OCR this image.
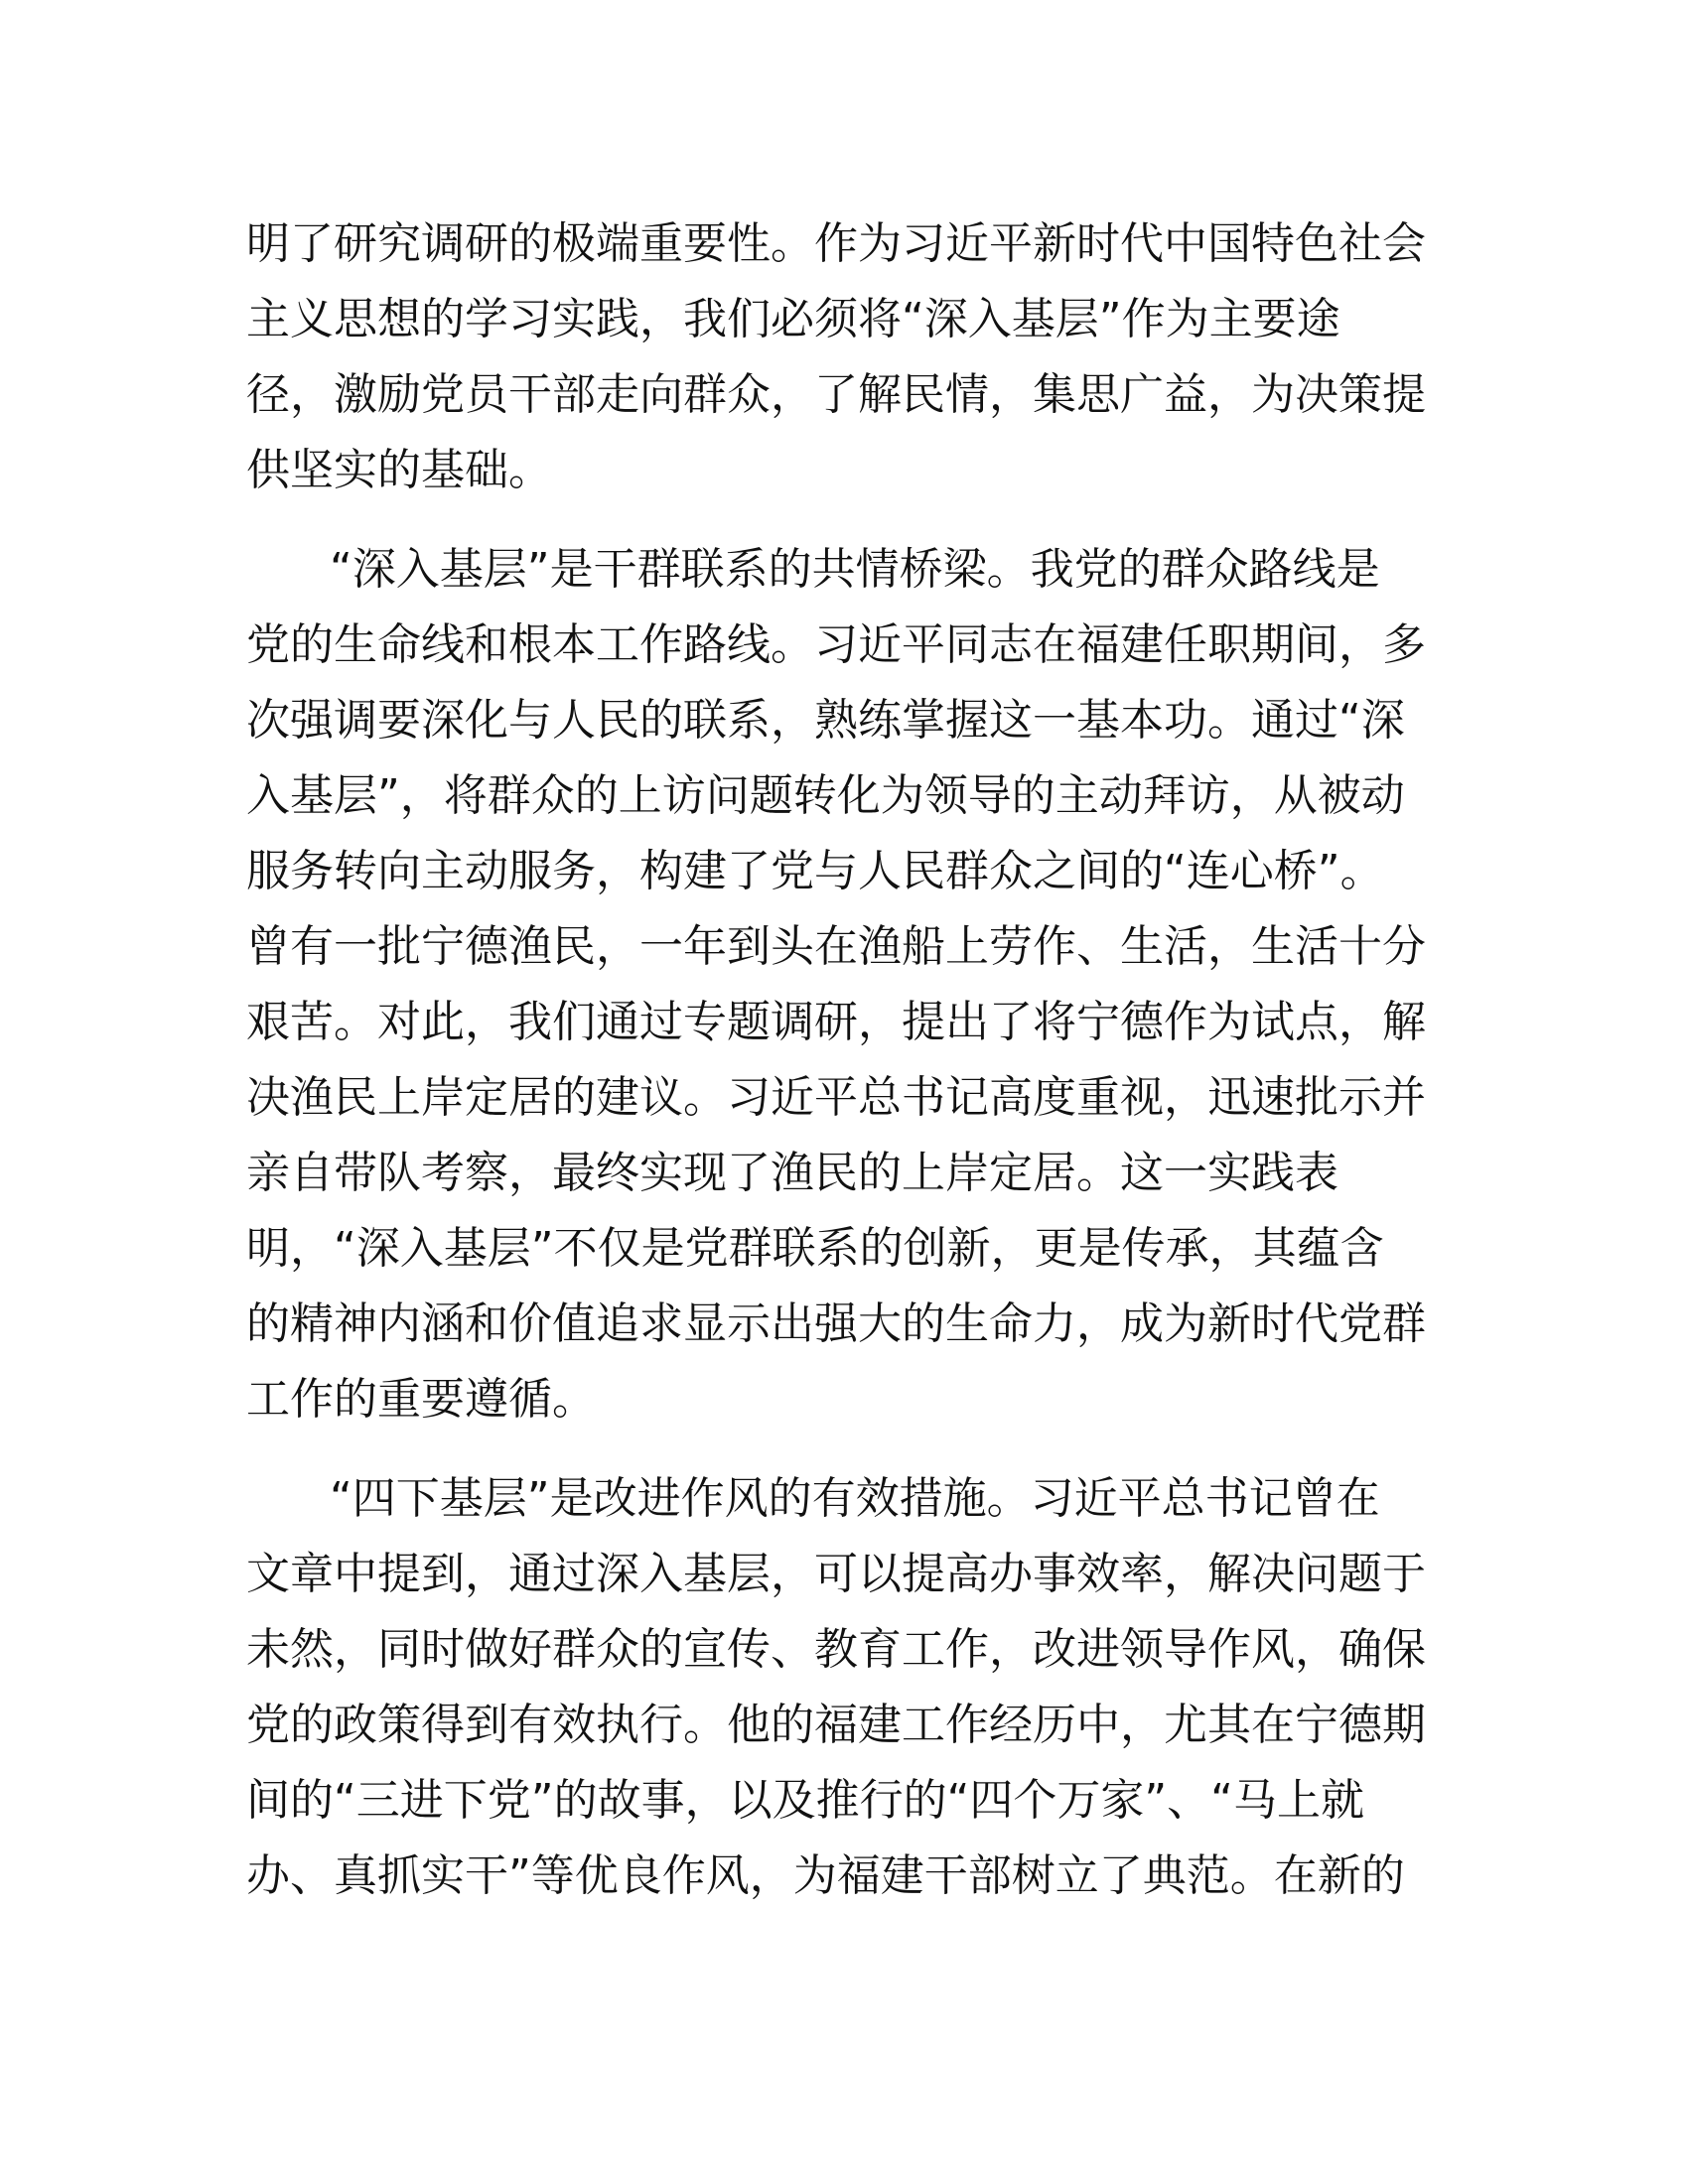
明了研究调研的极端重要性。作为习近平新时代中国特色社会
主义思想的学习实践，我们必须将“深入基层”作为主要途
径，激励党员干部走向群众，了解民情，集思广益，为决策提
供坚实的基础。
“深入基层”是干群联系的共情桥梁。我党的群众路线是
党的生命线和根本工作路线。习近平同志在福建任职期间，多
次强调要深化与人民的联系，熟练掌握这一基本功。通过“深
入基层”，将群众的上访问题转化为领导的主动拜访，从被动
服务转向主动服务，构建了党与人民群众之间的“连心桥”。
曾有一批宁德渔民，一年到头在渔船上劳作、生活，生活十分
艰苦。对此，我们通过专题调研，提出了将宁德作为试点，解
决渔民上岸定居的建议。习近平总书记高度重视，迅速批示并
亲自带队考察，最终实现了渔民的上岸定居。这一实践表
明，“深入基层”不仅是党群联系的创新，更是传承，其蕴含
的精神内涵和价值追求显示出强大的生命力，成为新时代党群
工作的重要遵循。
“四下基层”是改进作风的有效措施。习近平总书记曾在
文章中提到，通过深入基层，可以提高办事效率，解决问题于
未然，同时做好群众的宣传、教育工作，改进领导作风，确保
党的政策得到有效执行。他的福建工作经历中，尤其在宁德期
间的“三进下党”的故事，以及推行的“四个万家”、“马上就
办、真抓实干”等优良作风，为福建干部树立了典范。在新的
